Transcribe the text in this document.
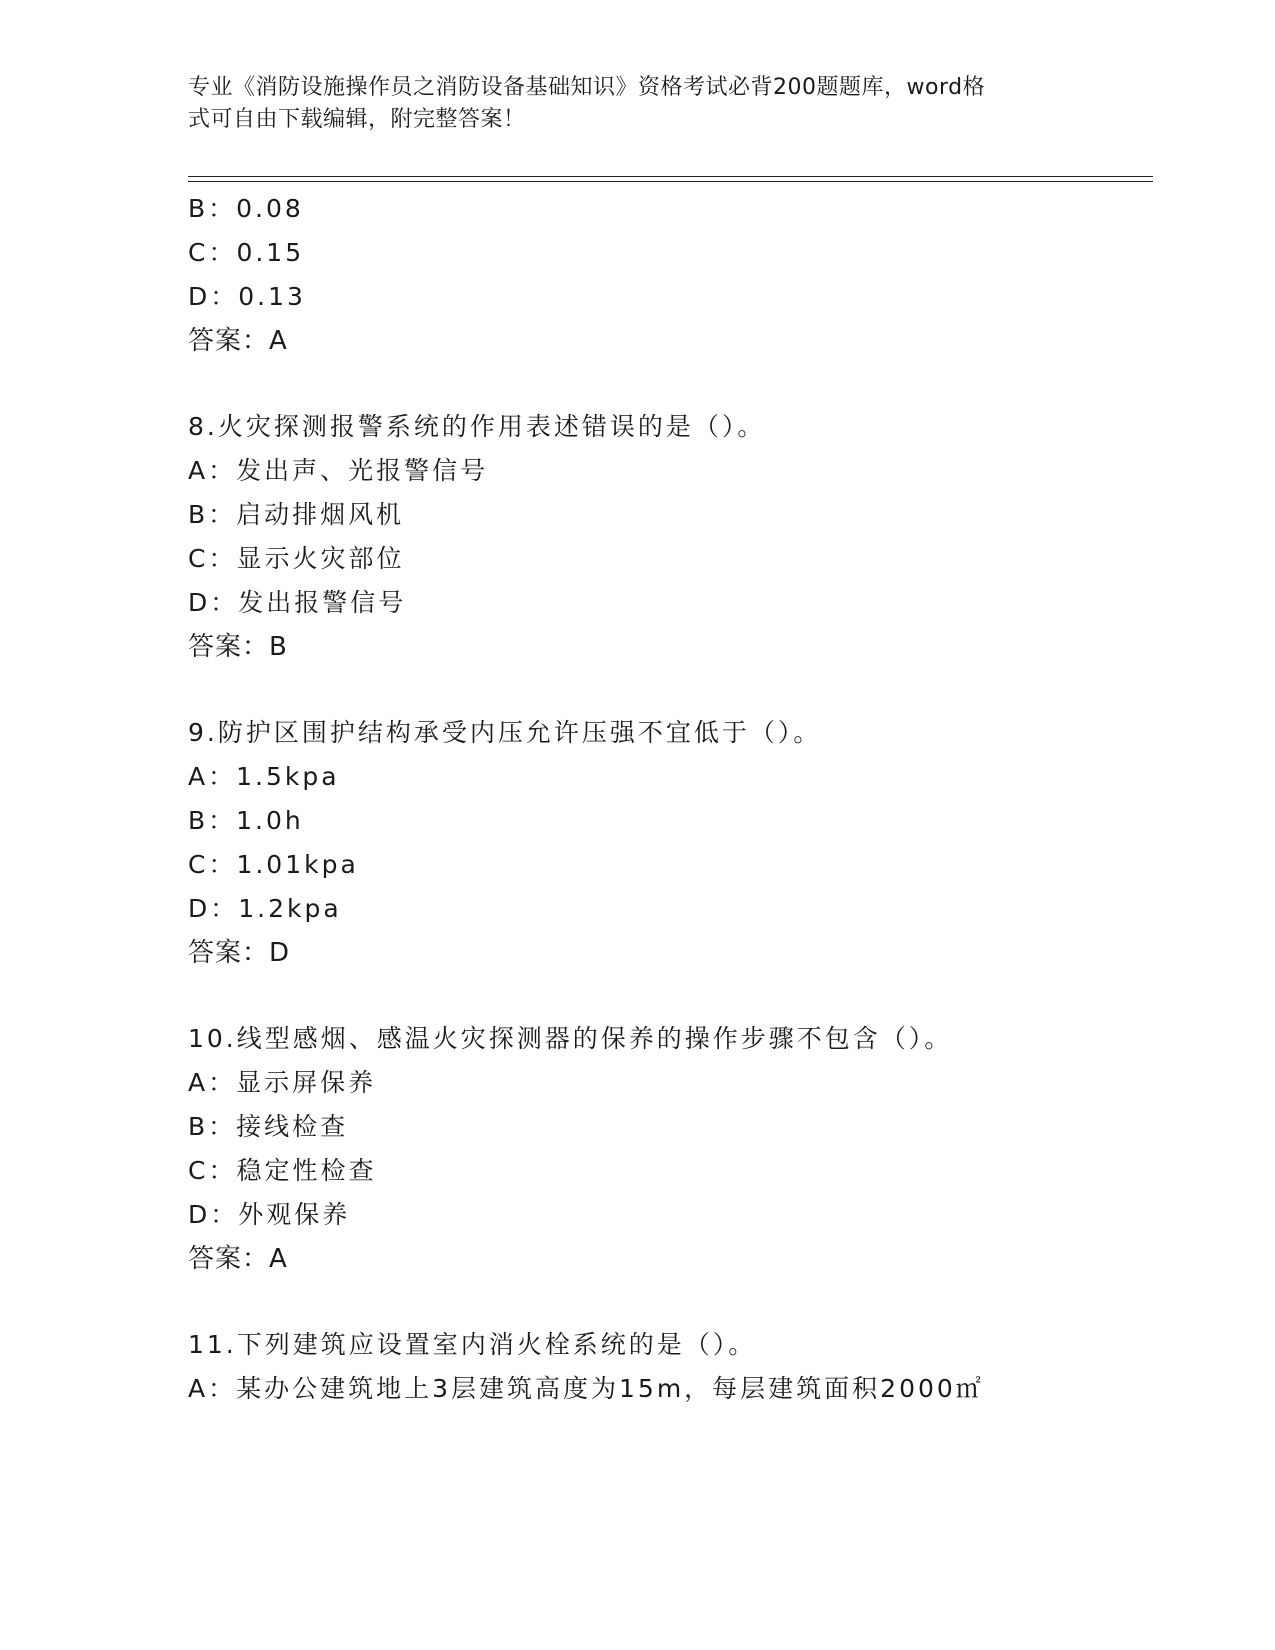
专业《消防设施操作员之消防设备基础知识》资格考试必背200题题库，word格
式可自由下载编辑，附完整答案！
B：0.08
C：0.15
D：0.13
答案：A
8.火灾探测报警系统的作用表述错误的是（）。
A：发出声、光报警信号
B：启动排烟风机
C：显示火灾部位
D：发出报警信号
答案：B
9.防护区围护结构承受内压允许压强不宜低于（）。
A：1.5kpa
B：1.0h
C：1.01kpa
D：1.2kpa
答案：D
10.线型感烟、感温火灾探测器的保养的操作步骤不包含（）。
A：显示屏保养
B：接线检查
C：稳定性检查
D：外观保养
答案：A
11.下列建筑应设置室内消火栓系统的是（）。
A：某办公建筑地上3层建筑高度为15m，每层建筑面积2000㎡
